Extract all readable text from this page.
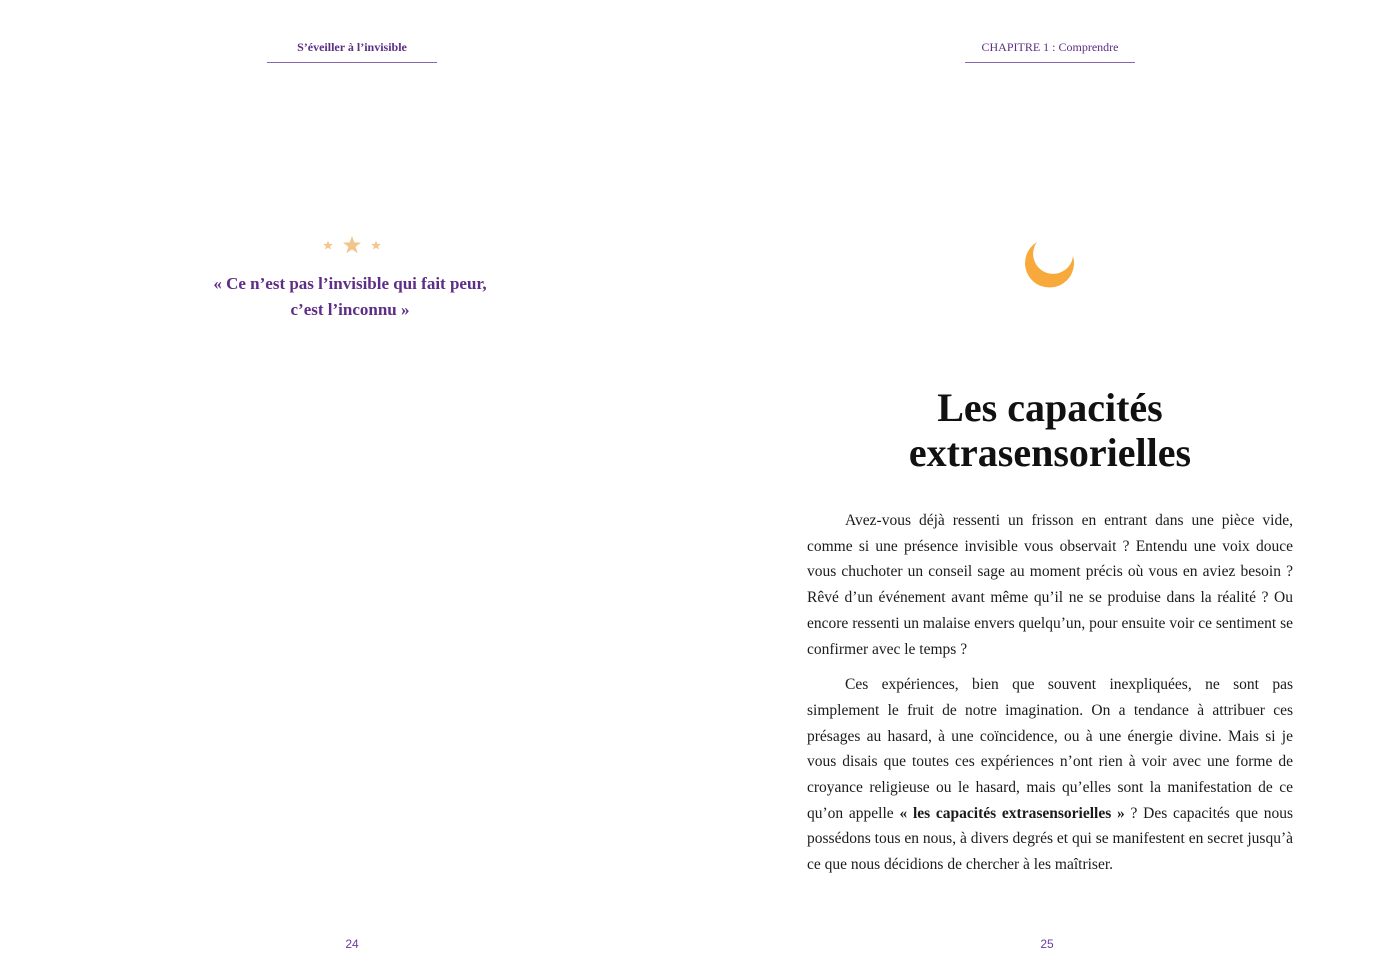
S’éveiller à l’invisible
« Ce n’est pas l’invisible qui fait peur,
c’est l’inconnu »
24
CHAPITRE 1 : Comprendre
Les capacités
extrasensorielles

Avez-vous déjà ressenti un frisson en entrant dans une pièce vide, comme si une présence invisible vous observait ? Entendu une voix douce vous chuchoter un conseil sage au moment précis où vous en aviez besoin ? Rêvé d’un événement avant même qu’il ne se produise dans la réalité ? Ou encore ressenti un malaise envers quelqu’un, pour ensuite voir ce sentiment se confirmer avec le temps ?

Ces expériences, bien que souvent inexpliquées, ne sont pas simplement le fruit de notre imagination. On a tendance à attribuer ces présages au hasard, à une coïncidence, ou à une énergie divine. Mais si je vous disais que toutes ces expériences n’ont rien à voir avec une forme de croyance religieuse ou le hasard, mais qu’elles sont la manifestation de ce qu’on appelle « les capacités extrasensorielles » ? Des capacités que nous possédons tous en nous, à divers degrés et qui se manifestent en secret jusqu’à ce que nous décidions de chercher à les maîtriser.

25
